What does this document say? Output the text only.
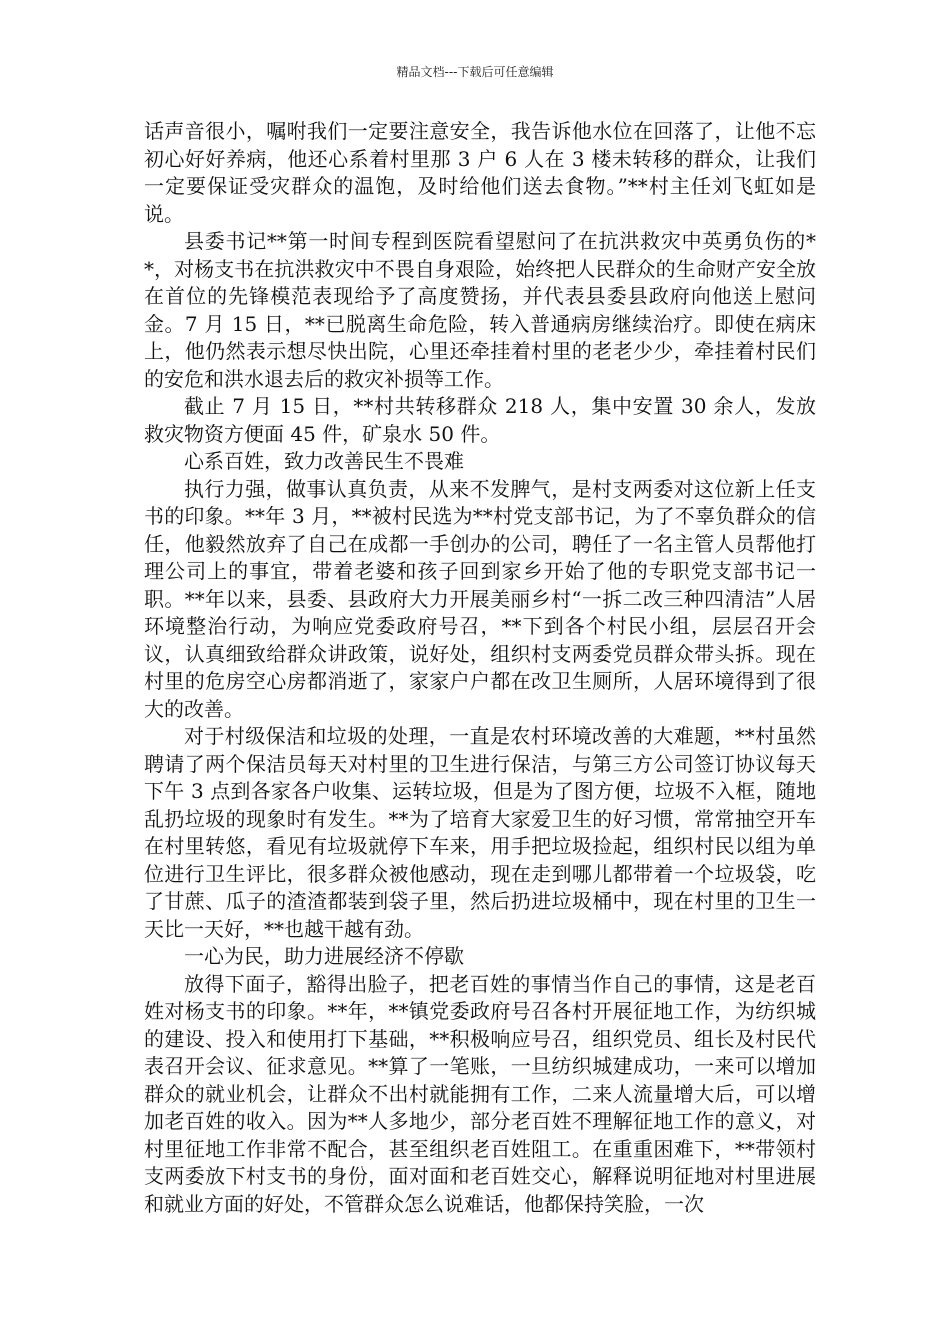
精品文档---下载后可任意编辑

话声音很小，嘱咐我们一定要注意安全，我告诉他水位在回落了，让他不忘初心好好养病，他还心系着村里那 3 户 6 人在 3 楼未转移的群众，让我们一定要保证受灾群众的温饱，及时给他们送去食物。”**村主任刘飞虹如是说。

县委书记**第一时间专程到医院看望慰问了在抗洪救灾中英勇负伤的**，对杨支书在抗洪救灾中不畏自身艰险，始终把人民群众的生命财产安全放在首位的先锋模范表现给予了高度赞扬，并代表县委县政府向他送上慰问金。7 月 15 日，**已脱离生命危险，转入普通病房继续治疗。即使在病床上，他仍然表示想尽快出院，心里还牵挂着村里的老老少少，牵挂着村民们的安危和洪水退去后的救灾补损等工作。

截止 7 月 15 日，**村共转移群众 218 人，集中安置 30 余人，发放救灾物资方便面 45 件，矿泉水 50 件。

心系百姓，致力改善民生不畏难

执行力强，做事认真负责，从来不发脾气，是村支两委对这位新上任支书的印象。**年 3 月，**被村民选为**村党支部书记，为了不辜负群众的信任，他毅然放弃了自己在成都一手创办的公司，聘任了一名主管人员帮他打理公司上的事宜，带着老婆和孩子回到家乡开始了他的专职党支部书记一职。**年以来，县委、县政府大力开展美丽乡村“一拆二改三种四清洁”人居环境整治行动，为响应党委政府号召，**下到各个村民小组，层层召开会议，认真细致给群众讲政策，说好处，组织村支两委党员群众带头拆。现在村里的危房空心房都消逝了，家家户户都在改卫生厕所，人居环境得到了很大的改善。

对于村级保洁和垃圾的处理，一直是农村环境改善的大难题，**村虽然聘请了两个保洁员每天对村里的卫生进行保洁，与第三方公司签订协议每天下午 3 点到各家各户收集、运转垃圾，但是为了图方便，垃圾不入框，随地乱扔垃圾的现象时有发生。**为了培育大家爱卫生的好习惯，常常抽空开车在村里转悠，看见有垃圾就停下车来，用手把垃圾捡起，组织村民以组为单位进行卫生评比，很多群众被他感动，现在走到哪儿都带着一个垃圾袋，吃了甘蔗、瓜子的渣渣都装到袋子里，然后扔进垃圾桶中，现在村里的卫生一天比一天好，**也越干越有劲。

一心为民，助力进展经济不停歇

放得下面子，豁得出脸子，把老百姓的事情当作自己的事情，这是老百姓对杨支书的印象。**年，**镇党委政府号召各村开展征地工作，为纺织城的建设、投入和使用打下基础，**积极响应号召，组织党员、组长及村民代表召开会议、征求意见。**算了一笔账，一旦纺织城建成功，一来可以增加群众的就业机会，让群众不出村就能拥有工作，二来人流量增大后，可以增加老百姓的收入。因为**人多地少，部分老百姓不理解征地工作的意义，对村里征地工作非常不配合，甚至组织老百姓阻工。在重重困难下，**带领村支两委放下村支书的身份，面对面和老百姓交心，解释说明征地对村里进展和就业方面的好处，不管群众怎么说难话，他都保持笑脸，一次
